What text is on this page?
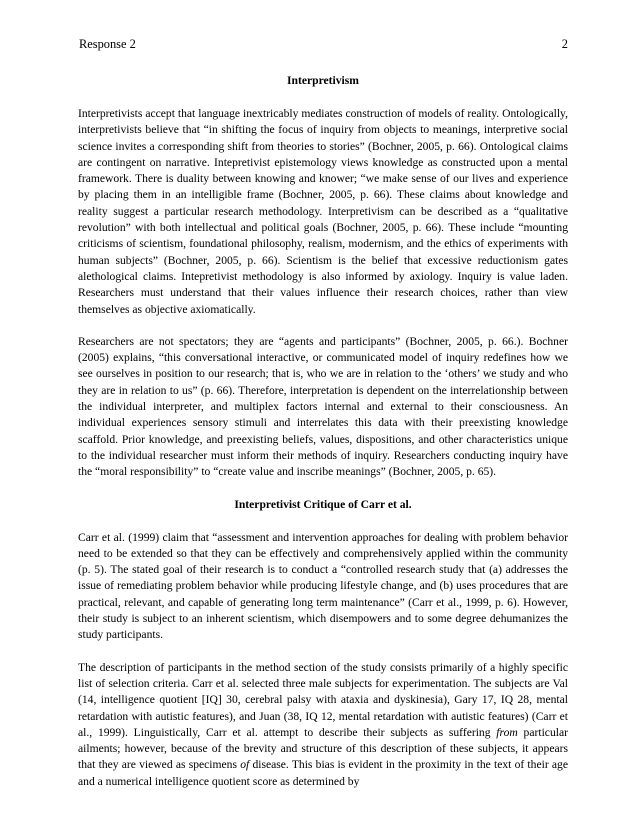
Response 2	2
Interpretivism

Interpretivists accept that language inextricably mediates construction of models of reality. Ontologically, interpretivists believe that “in shifting the focus of inquiry from objects to meanings, interpretive social science invites a corresponding shift from theories to stories” (Bochner, 2005, p. 66). Ontological claims are contingent on narrative. Intepretivist epistemology views knowledge as constructed upon a mental framework. There is duality between knowing and knower; “we make sense of our lives and experience by placing them in an intelligible frame (Bochner, 2005, p. 66). These claims about knowledge and reality suggest a particular research methodology. Interpretivism can be described as a “qualitative revolution” with both intellectual and political goals (Bochner, 2005, p. 66). These include “mounting criticisms of scientism, foundational philosophy, realism, modernism, and the ethics of experiments with human subjects” (Bochner, 2005, p. 66). Scientism is the belief that excessive reductionism gates alethological claims. Intepretivist methodology is also informed by axiology. Inquiry is value laden. Researchers must understand that their values influence their research choices, rather than view themselves as objective axiomatically.

Researchers are not spectators; they are “agents and participants” (Bochner, 2005, p. 66.). Bochner (2005) explains, “this conversational interactive, or communicated model of inquiry redefines how we see ourselves in position to our research; that is, who we are in relation to the ‘others’ we study and who they are in relation to us” (p. 66). Therefore, interpretation is dependent on the interrelationship between the individual interpreter, and multiplex factors internal and external to their consciousness. An individual experiences sensory stimuli and interrelates this data with their preexisting knowledge scaffold. Prior knowledge, and preexisting beliefs, values, dispositions, and other characteristics unique to the individual researcher must inform their methods of inquiry. Researchers conducting inquiry have the “moral responsibility” to “create value and inscribe meanings” (Bochner, 2005, p. 65).

Interpretivist Critique of Carr et al.

Carr et al. (1999) claim that “assessment and intervention approaches for dealing with problem behavior need to be extended so that they can be effectively and comprehensively applied within the community (p. 5). The stated goal of their research is to conduct a “controlled research study that (a) addresses the issue of remediating problem behavior while producing lifestyle change, and (b) uses procedures that are practical, relevant, and capable of generating long term maintenance” (Carr et al., 1999, p. 6). However, their study is subject to an inherent scientism, which disempowers and to some degree dehumanizes the study participants.

The description of participants in the method section of the study consists primarily of a highly specific list of selection criteria. Carr et al. selected three male subjects for experimentation. The subjects are Val (14, intelligence quotient [IQ] 30, cerebral palsy with ataxia and dyskinesia), Gary 17, IQ 28, mental retardation with autistic features), and Juan (38, IQ 12, mental retardation with autistic features) (Carr et al., 1999). Linguistically, Carr et al. attempt to describe their subjects as suffering from particular ailments; however, because of the brevity and structure of this description of these subjects, it appears that they are viewed as specimens of disease. This bias is evident in the proximity in the text of their age and a numerical intelligence quotient score as determined by
